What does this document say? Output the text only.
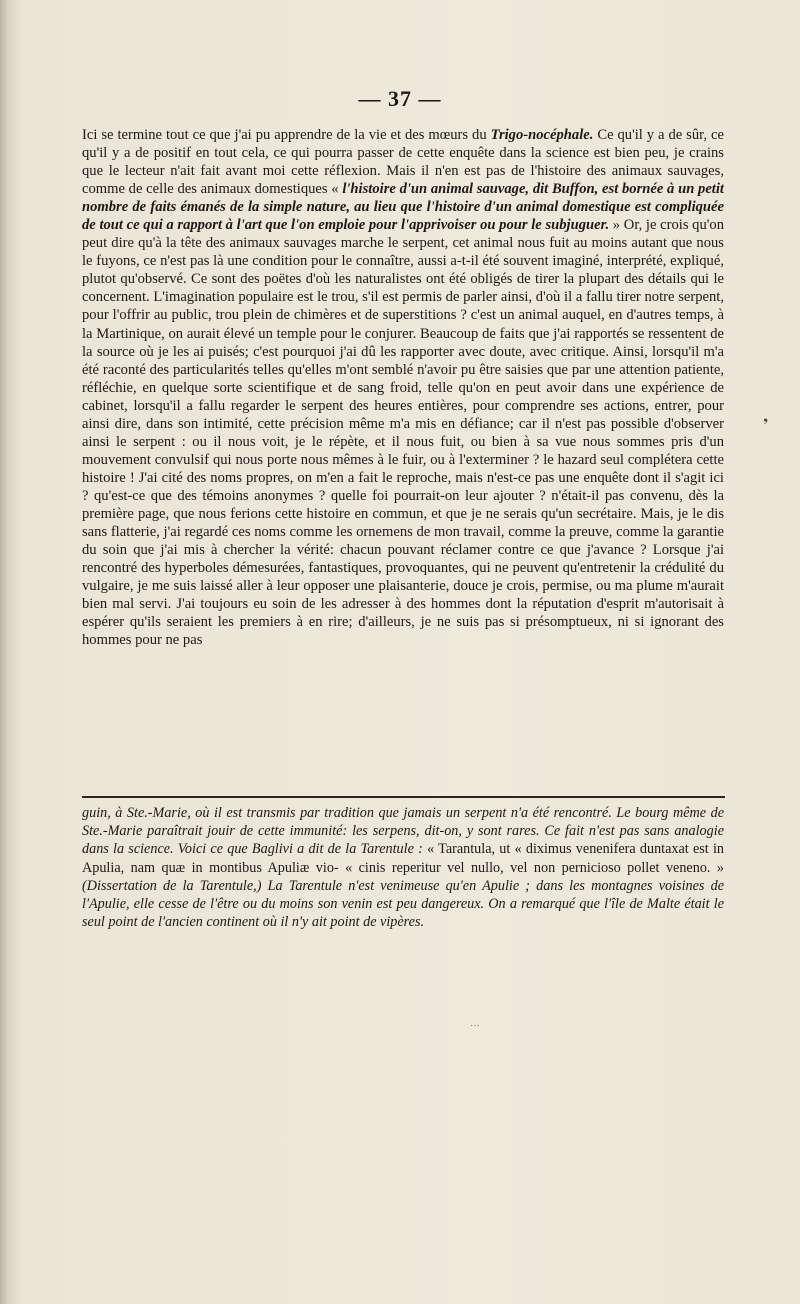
— 37 —

Ici se termine tout ce que j'ai pu apprendre de la vie et des mœurs du Trigo-nocéphale. Ce qu'il y a de sûr, ce qu'il y a de positif en tout cela, ce qui pourra passer de cette enquête dans la science est bien peu, je crains que le lecteur n'ait fait avant moi cette réflexion. Mais il n'en est pas de l'histoire des animaux sauvages, comme de celle des animaux domestiques « l'histoire d'un animal sauvage, dit Buffon, est bornée à un petit nombre de faits émanés de la simple nature, au lieu que l'histoire d'un animal domestique est compliquée de tout ce qui a rapport à l'art que l'on emploie pour l'apprivoiser ou pour le subjuguer. » Or, je crois qu'on peut dire qu'à la tête des animaux sauvages marche le serpent, cet animal nous fuit au moins autant que nous le fuyons, ce n'est pas là une condition pour le connaître, aussi a-t-il été souvent imaginé, interprété, expliqué, plutot qu'observé. Ce sont des poëtes d'où les naturalistes ont été obligés de tirer la plupart des détails qui le concernent. L'imagination populaire est le trou, s'il est permis de parler ainsi, d'où il a fallu tirer notre serpent, pour l'offrir au public, trou plein de chimères et de superstitions ? c'est un animal auquel, en d'autres temps, à la Martinique, on aurait élevé un temple pour le conjurer. Beaucoup de faits que j'ai rapportés se ressentent de la source où je les ai puisés; c'est pourquoi j'ai dû les rapporter avec doute, avec critique. Ainsi, lorsqu'il m'a été raconté des particularités telles qu'elles m'ont semblé n'avoir pu être saisies que par une attention patiente, réfléchie, en quelque sorte scientifique et de sang froid, telle qu'on en peut avoir dans une expérience de cabinet, lorsqu'il a fallu regarder le serpent des heures entières, pour comprendre ses actions, entrer, pour ainsi dire, dans son intimité, cette précision même m'a mis en défiance; car il n'est pas possible d'observer ainsi le serpent : ou il nous voit, je le répète, et il nous fuit, ou bien à sa vue nous sommes pris d'un mouvement convulsif qui nous porte nous mêmes à le fuir, ou à l'exterminer ? le hazard seul complétera cette histoire ! J'ai cité des noms propres, on m'en a fait le reproche, mais n'est-ce pas une enquête dont il s'agit ici ? qu'est-ce que des témoins anonymes ? quelle foi pourrait-on leur ajouter ? n'était-il pas convenu, dès la première page, que nous ferions cette histoire en commun, et que je ne serais qu'un secrétaire. Mais, je le dis sans flatterie, j'ai regardé ces noms comme les ornemens de mon travail, comme la preuve, comme la garantie du soin que j'ai mis à chercher la vérité: chacun pouvant réclamer contre ce que j'avance ? Lorsque j'ai rencontré des hyperboles démesurées, fantastiques, provoquantes, qui ne peuvent qu'entretenir la crédulité du vulgaire, je me suis laissé aller à leur opposer une plaisanterie, douce je crois, permise, ou ma plume m'aurait bien mal servi. J'ai toujours eu soin de les adresser à des hommes dont la réputation d'esprit m'autorisait à espérer qu'ils seraient les premiers à en rire; d'ailleurs, je ne suis pas si présomptueux, ni si ignorant des hommes pour ne pas

guin, à Ste.-Marie, où il est transmis par tradition que jamais un serpent n'a été rencontré. Le bourg même de Ste.-Marie paraîtrait jouir de cette immunité: les serpens, dit-on, y sont rares. Ce fait n'est pas sans analogie dans la science. Voici ce que Baglivi a dit de la Tarentule : « Tarantula, ut « diximus venenifera duntaxat est in Apulia, nam quæ in montibus Apuliæ vio- « cinis reperitur vel nullo, vel non pernicioso pollet veneno. » (Dissertation de la Tarentule,) La Tarentule n'est venimeuse qu'en Apulie ; dans les montagnes voisines de l'Apulie, elle cesse de l'être ou du moins son venin est peu dangereux. On a remarqué que l'île de Malte était le seul point de l'ancien continent où il n'y ait point de vipères.

❟
˙˙˙
